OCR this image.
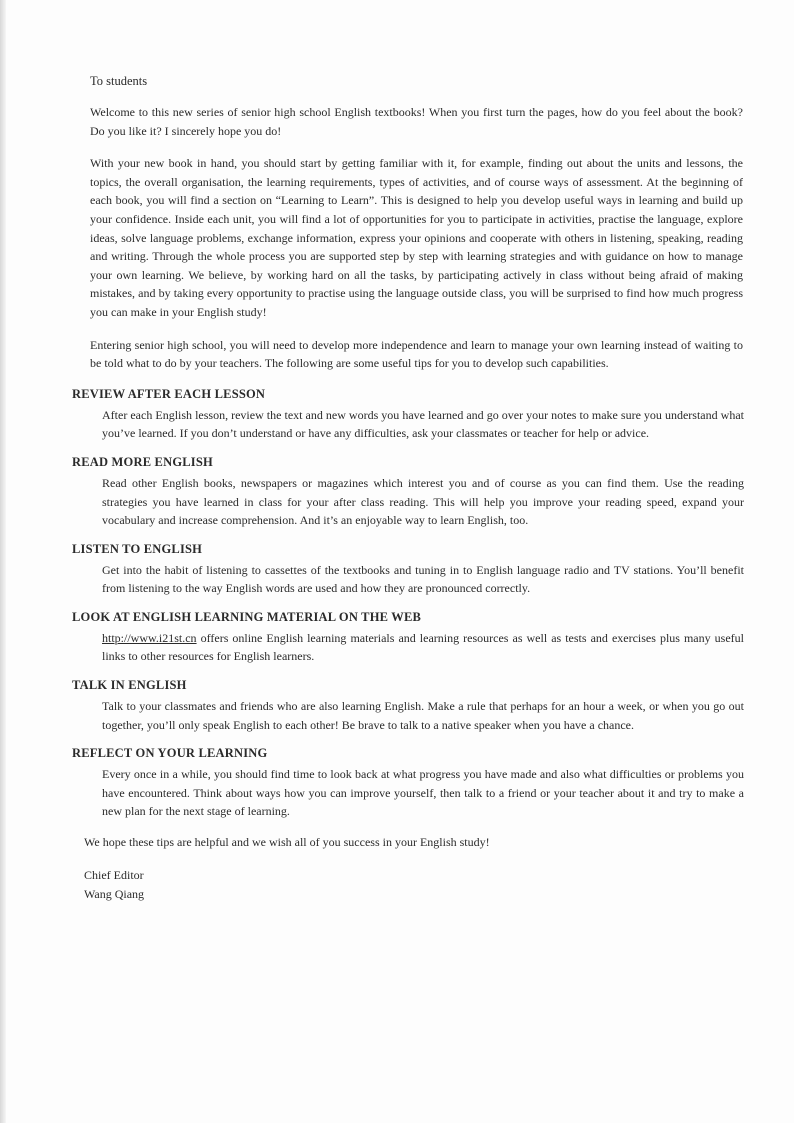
To students

Welcome to this new series of senior high school English textbooks! When you first turn the pages, how do you feel about the book? Do you like it? I sincerely hope you do!

With your new book in hand, you should start by getting familiar with it, for example, finding out about the units and lessons, the topics, the overall organisation, the learning requirements, types of activities, and of course ways of assessment. At the beginning of each book, you will find a section on “Learning to Learn”. This is designed to help you develop useful ways in learning and build up your confidence. Inside each unit, you will find a lot of opportunities for you to participate in activities, practise the language, explore ideas, solve language problems, exchange information, express your opinions and cooperate with others in listening, speaking, reading and writing. Through the whole process you are supported step by step with learning strategies and with guidance on how to manage your own learning. We believe, by working hard on all the tasks, by participating actively in class without being afraid of making mistakes, and by taking every opportunity to practise using the language outside class, you will be surprised to find how much progress you can make in your English study!

Entering senior high school, you will need to develop more independence and learn to manage your own learning instead of waiting to be told what to do by your teachers. The following are some useful tips for you to develop such capabilities.

REVIEW AFTER EACH LESSON

After each English lesson, review the text and new words you have learned and go over your notes to make sure you understand what you’ve learned. If you don’t understand or have any difficulties, ask your classmates or teacher for help or advice.

READ MORE ENGLISH

Read other English books, newspapers or magazines which interest you and of course as you can find them. Use the reading strategies you have learned in class for your after class reading. This will help you improve your reading speed, expand your vocabulary and increase comprehension. And it’s an enjoyable way to learn English, too.

LISTEN TO ENGLISH

Get into the habit of listening to cassettes of the textbooks and tuning in to English language radio and TV stations. You’ll benefit from listening to the way English words are used and how they are pronounced correctly.

LOOK AT ENGLISH LEARNING MATERIAL ON THE WEB

http://www.i21st.cn offers online English learning materials and learning resources as well as tests and exercises plus many useful links to other resources for English learners.

TALK IN ENGLISH

Talk to your classmates and friends who are also learning English. Make a rule that perhaps for an hour a week, or when you go out together, you’ll only speak English to each other! Be brave to talk to a native speaker when you have a chance.

REFLECT ON YOUR LEARNING

Every once in a while, you should find time to look back at what progress you have made and also what difficulties or problems you have encountered. Think about ways how you can improve yourself, then talk to a friend or your teacher about it and try to make a new plan for the next stage of learning.

We hope these tips are helpful and we wish all of you success in your English study!

Chief Editor
Wang Qiang
